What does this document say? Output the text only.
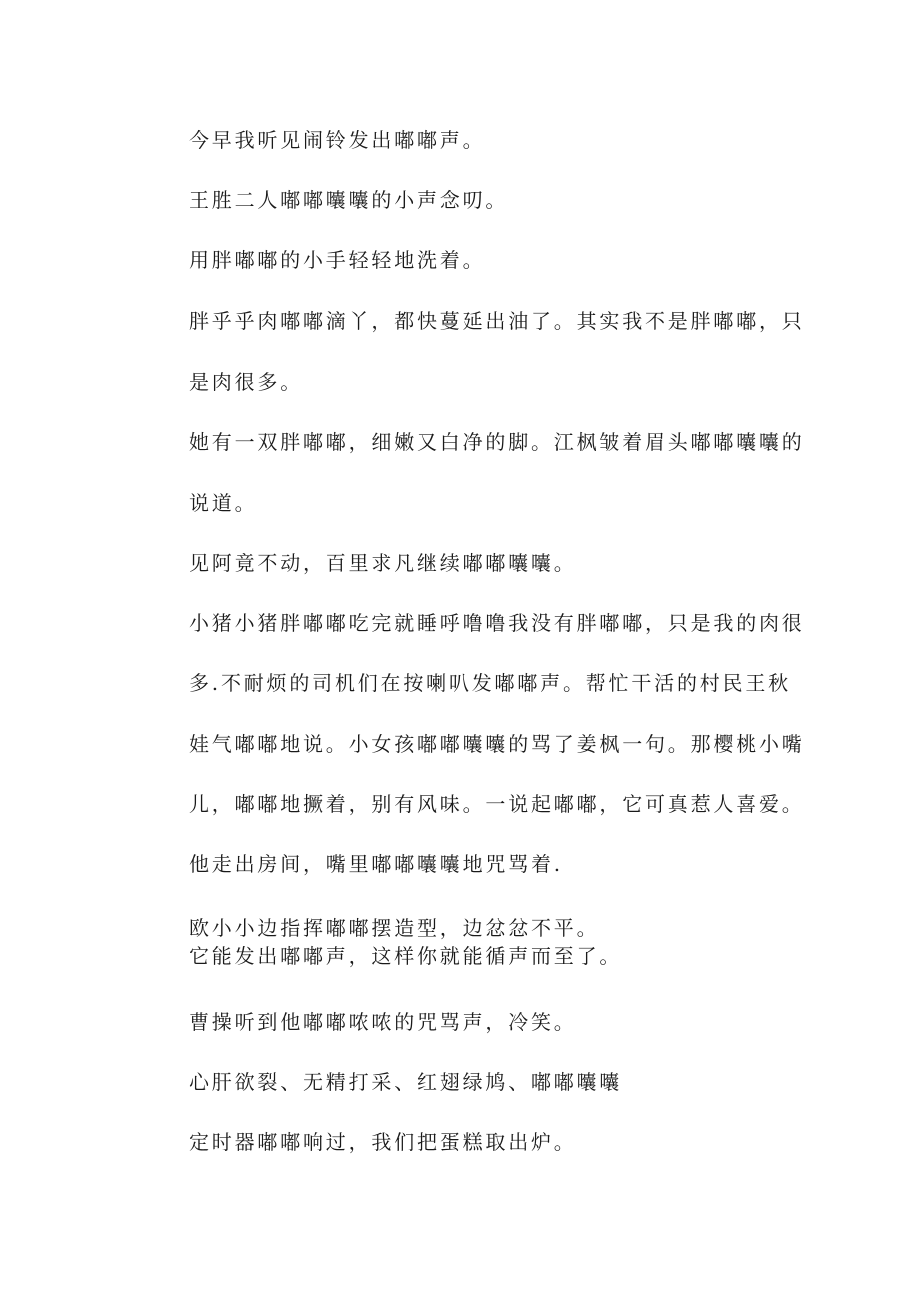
今早我听见闹铃发出嘟嘟声。
王胜二人嘟嘟囔囔的小声念叨。
用胖嘟嘟的小手轻轻地洗着。
胖乎乎肉嘟嘟滴丫，都快蔓延出油了。其实我不是胖嘟嘟，只
是肉很多。
她有一双胖嘟嘟，细嫩又白净的脚。江枫皱着眉头嘟嘟囔囔的
说道。
见阿竟不动，百里求凡继续嘟嘟囔囔。
小猪小猪胖嘟嘟吃完就睡呼噜噜我没有胖嘟嘟，只是我的肉很
多.不耐烦的司机们在按喇叭发嘟嘟声。帮忙干活的村民王秋
娃气嘟嘟地说。小女孩嘟嘟囔囔的骂了姜枫一句。那樱桃小嘴
儿，嘟嘟地撅着，别有风味。一说起嘟嘟，它可真惹人喜爱。
他走出房间，嘴里嘟嘟囔囔地咒骂着.
欧小小边指挥嘟嘟摆造型，边忿忿不平。
它能发出嘟嘟声，这样你就能循声而至了。
曹操听到他嘟嘟哝哝的咒骂声，冷笑。
心肝欲裂、无精打采、红翅绿鸠、嘟嘟囔囔
定时器嘟嘟响过，我们把蛋糕取出炉。
